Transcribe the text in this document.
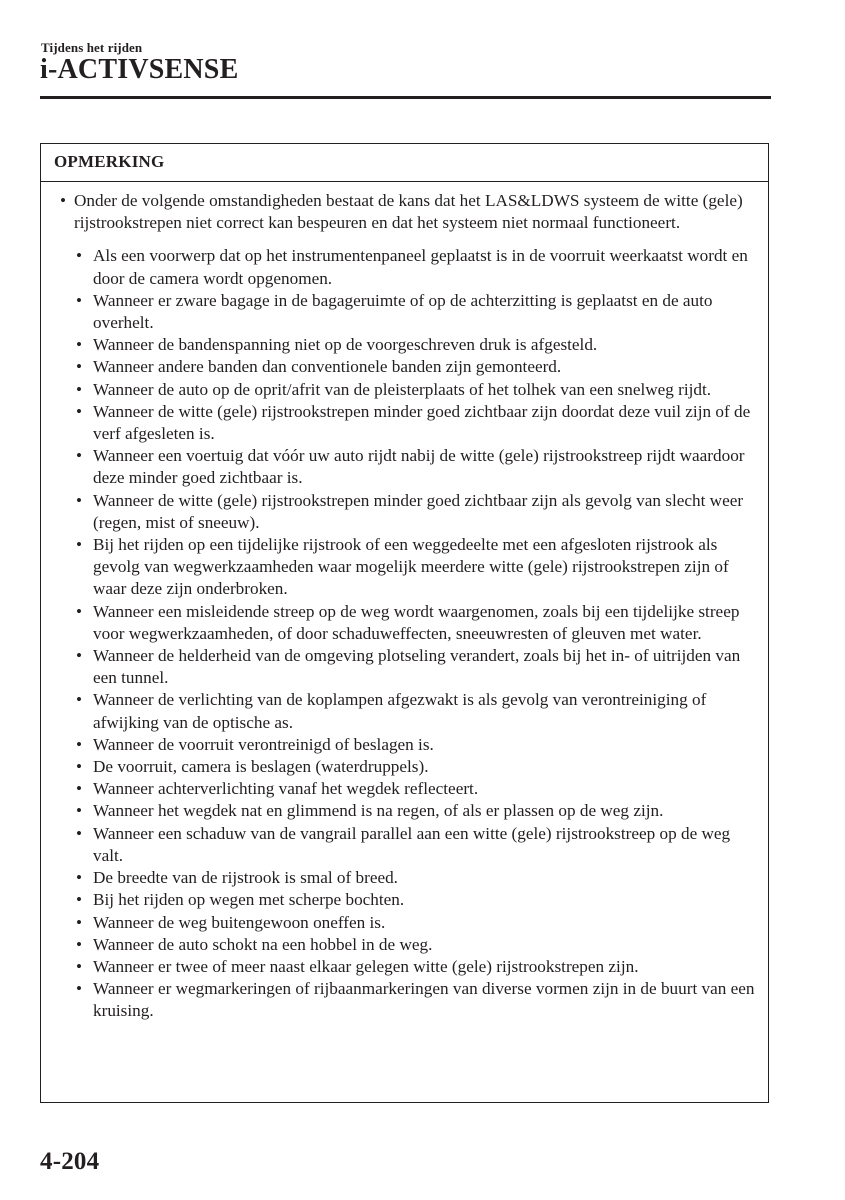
Tijdens het rijden
i-ACTIVSENSE
OPMERKING

• Onder de volgende omstandigheden bestaat de kans dat het LAS&LDWS systeem de witte (gele) rijstrookstrepen niet correct kan bespeuren en dat het systeem niet normaal functioneert.

• Als een voorwerp dat op het instrumentenpaneel geplaatst is in de voorruit weerkaatst wordt en door de camera wordt opgenomen.
• Wanneer er zware bagage in de bagageruimte of op de achterzitting is geplaatst en de auto overhelt.
• Wanneer de bandenspanning niet op de voorgeschreven druk is afgesteld.
• Wanneer andere banden dan conventionele banden zijn gemonteerd.
• Wanneer de auto op de oprit/afrit van de pleisterplaats of het tolhek van een snelweg rijdt.
• Wanneer de witte (gele) rijstrookstrepen minder goed zichtbaar zijn doordat deze vuil zijn of de verf afgesleten is.
• Wanneer een voertuig dat vóór uw auto rijdt nabij de witte (gele) rijstrookstreep rijdt waardoor deze minder goed zichtbaar is.
• Wanneer de witte (gele) rijstrookstrepen minder goed zichtbaar zijn als gevolg van slecht weer (regen, mist of sneeuw).
• Bij het rijden op een tijdelijke rijstrook of een weggedeelte met een afgesloten rijstrook als gevolg van wegwerkzaamheden waar mogelijk meerdere witte (gele) rijstrookstrepen zijn of waar deze zijn onderbroken.
• Wanneer een misleidende streep op de weg wordt waargenomen, zoals bij een tijdelijke streep voor wegwerkzaamheden, of door schaduweffecten, sneeuwresten of gleuven met water.
• Wanneer de helderheid van de omgeving plotseling verandert, zoals bij het in- of uitrijden van een tunnel.
• Wanneer de verlichting van de koplampen afgezwakt is als gevolg van verontreiniging of afwijking van de optische as.
• Wanneer de voorruit verontreinigd of beslagen is.
• De voorruit, camera is beslagen (waterdruppels).
• Wanneer achterverlichting vanaf het wegdek reflecteert.
• Wanneer het wegdek nat en glimmend is na regen, of als er plassen op de weg zijn.
• Wanneer een schaduw van de vangrail parallel aan een witte (gele) rijstrookstreep op de weg valt.
• De breedte van de rijstrook is smal of breed.
• Bij het rijden op wegen met scherpe bochten.
• Wanneer de weg buitengewoon oneffen is.
• Wanneer de auto schokt na een hobbel in de weg.
• Wanneer er twee of meer naast elkaar gelegen witte (gele) rijstrookstrepen zijn.
• Wanneer er wegmarkeringen of rijbaanmarkeringen van diverse vormen zijn in de buurt van een kruising.
4-204
